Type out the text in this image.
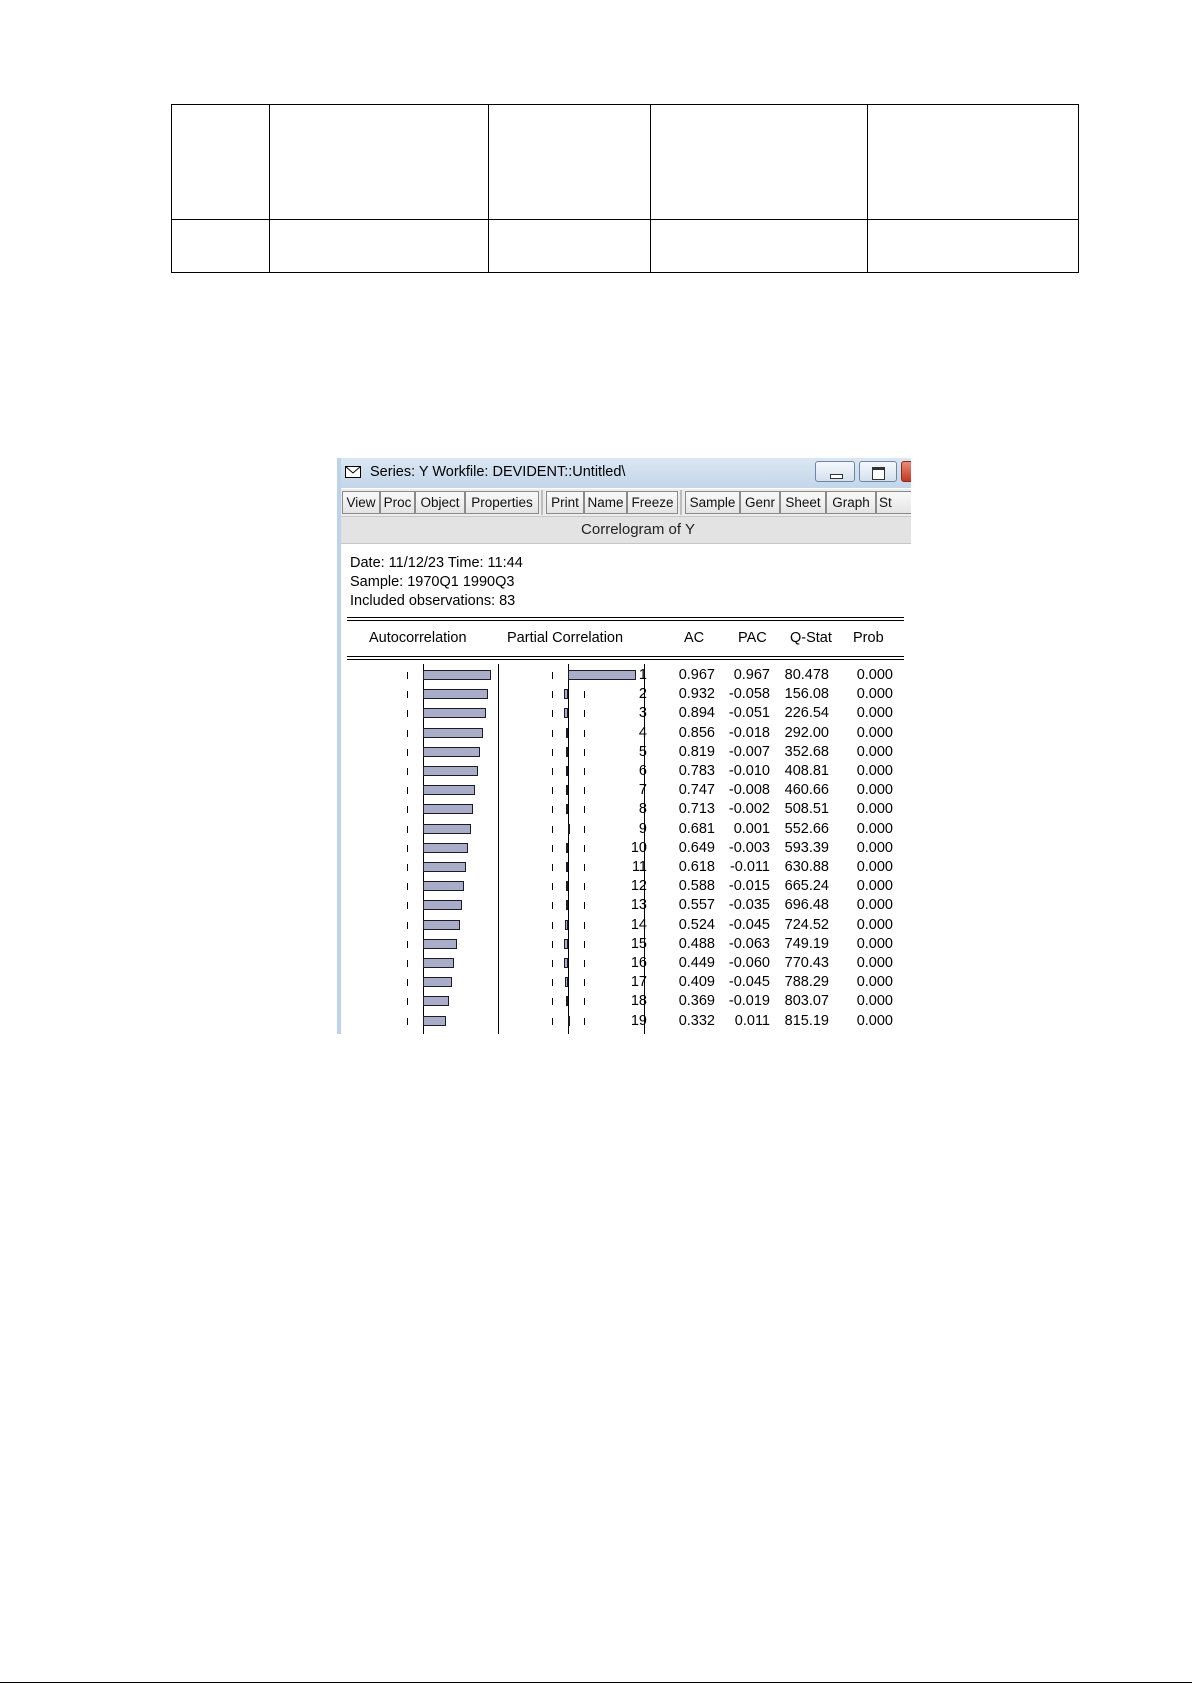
Series: Y Workfile: DEVIDENT::Untitled\
View Proc Object Properties	Print Name Freeze	Sample Genr Sheet Graph St
Correlogram of Y
Date: 11/12/23 Time: 11:44
Sample: 1970Q1 1990Q3
Included observations: 83
Autocorrelation	Partial Correlation	AC PAC Q-Stat Prob
1	0.967	0.967	80.478	0.000
2	0.932 -0.058	156.08	0.000
3	0.894 -0.051	226.54	0.000
4	0.856 -0.018	292.00	0.000
5	0.819 -0.007	352.68	0.000
6	0.783 -0.010	408.81	0.000
7	0.747 -0.008	460.66	0.000
8	0.713 -0.002	508.51	0.000
9	0.681	0.001	552.66	0.000
10	0.649 -0.003	593.39	0.000
11	0.618	-0.011	630.88	0.000
12	0.588 -0.015	665.24	0.000
13	0.557 -0.035	696.48	0.000
14	0.524 -0.045	724.52	0.000
15	0.488 -0.063	749.19	0.000
16	0.449 -0.060	770.43	0.000
17	0.409 -0.045	788.29	0.000
18	0.369 -0.019	803.07	0.000
19	0.332	0.011	815.19	0.000
